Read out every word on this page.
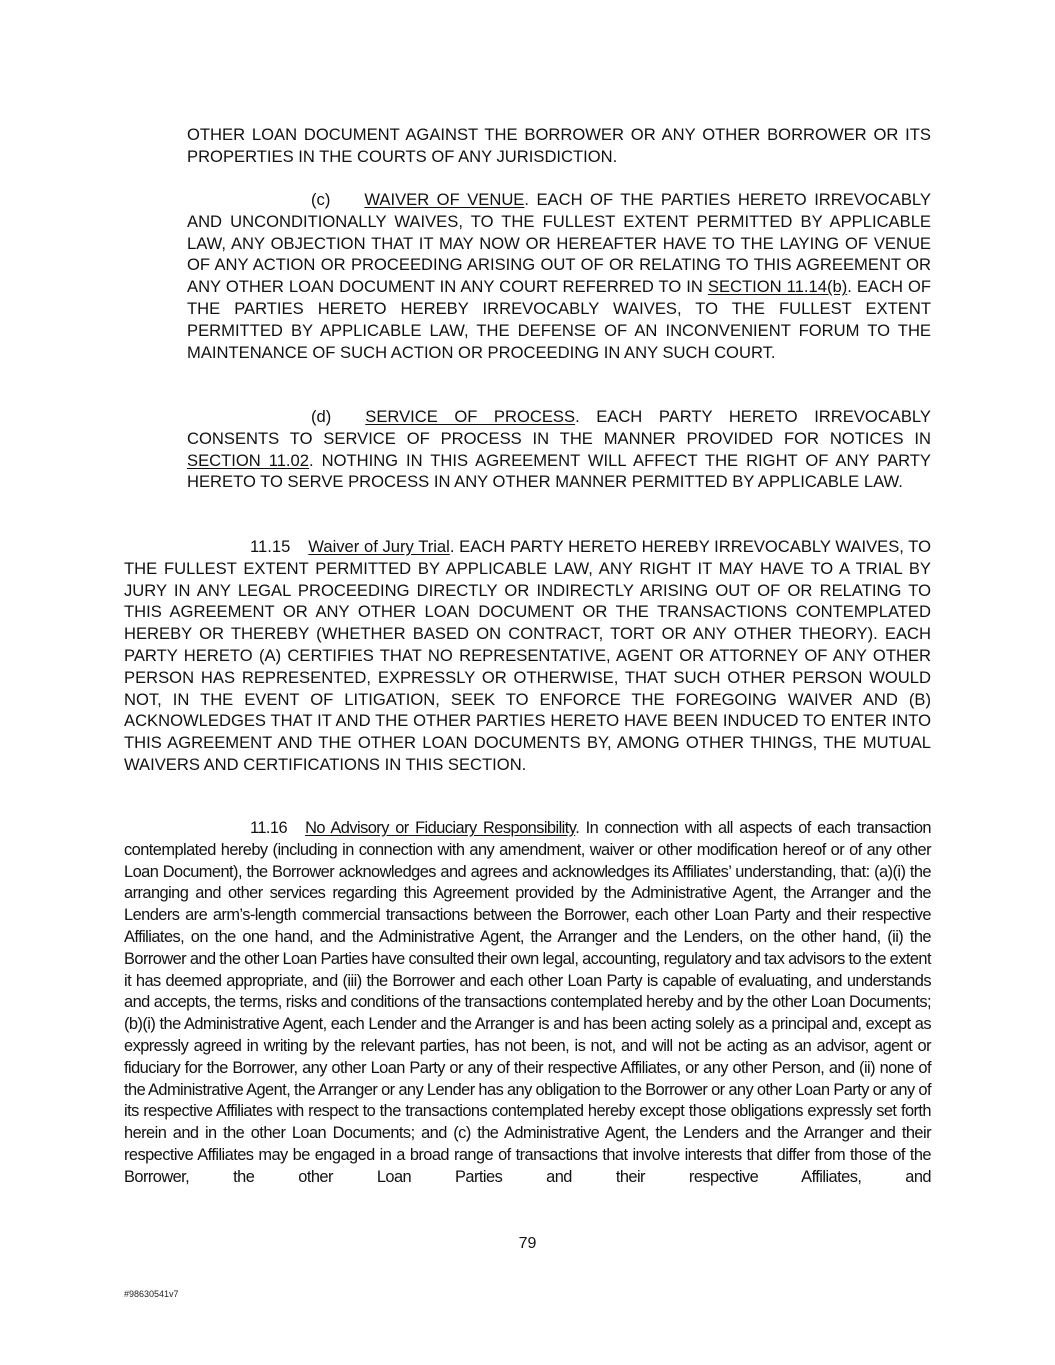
OTHER LOAN DOCUMENT AGAINST THE BORROWER OR ANY OTHER BORROWER OR ITS PROPERTIES IN THE COURTS OF ANY JURISDICTION.

(c) WAIVER OF VENUE. EACH OF THE PARTIES HERETO IRREVOCABLY AND UNCONDITIONALLY WAIVES, TO THE FULLEST EXTENT PERMITTED BY APPLICABLE LAW, ANY OBJECTION THAT IT MAY NOW OR HEREAFTER HAVE TO THE LAYING OF VENUE OF ANY ACTION OR PROCEEDING ARISING OUT OF OR RELATING TO THIS AGREEMENT OR ANY OTHER LOAN DOCUMENT IN ANY COURT REFERRED TO IN SECTION 11.14(b). EACH OF THE PARTIES HERETO HEREBY IRREVOCABLY WAIVES, TO THE FULLEST EXTENT PERMITTED BY APPLICABLE LAW, THE DEFENSE OF AN INCONVENIENT FORUM TO THE MAINTENANCE OF SUCH ACTION OR PROCEEDING IN ANY SUCH COURT.

(d) SERVICE OF PROCESS. EACH PARTY HERETO IRREVOCABLY CONSENTS TO SERVICE OF PROCESS IN THE MANNER PROVIDED FOR NOTICES IN SECTION 11.02. NOTHING IN THIS AGREEMENT WILL AFFECT THE RIGHT OF ANY PARTY HERETO TO SERVE PROCESS IN ANY OTHER MANNER PERMITTED BY APPLICABLE LAW.

11.15 Waiver of Jury Trial. EACH PARTY HERETO HEREBY IRREVOCABLY WAIVES, TO THE FULLEST EXTENT PERMITTED BY APPLICABLE LAW, ANY RIGHT IT MAY HAVE TO A TRIAL BY JURY IN ANY LEGAL PROCEEDING DIRECTLY OR INDIRECTLY ARISING OUT OF OR RELATING TO THIS AGREEMENT OR ANY OTHER LOAN DOCUMENT OR THE TRANSACTIONS CONTEMPLATED HEREBY OR THEREBY (WHETHER BASED ON CONTRACT, TORT OR ANY OTHER THEORY). EACH PARTY HERETO (A) CERTIFIES THAT NO REPRESENTATIVE, AGENT OR ATTORNEY OF ANY OTHER PERSON HAS REPRESENTED, EXPRESSLY OR OTHERWISE, THAT SUCH OTHER PERSON WOULD NOT, IN THE EVENT OF LITIGATION, SEEK TO ENFORCE THE FOREGOING WAIVER AND (B) ACKNOWLEDGES THAT IT AND THE OTHER PARTIES HERETO HAVE BEEN INDUCED TO ENTER INTO THIS AGREEMENT AND THE OTHER LOAN DOCUMENTS BY, AMONG OTHER THINGS, THE MUTUAL WAIVERS AND CERTIFICATIONS IN THIS SECTION.

11.16 No Advisory or Fiduciary Responsibility. In connection with all aspects of each transaction contemplated hereby (including in connection with any amendment, waiver or other modification hereof or of any other Loan Document), the Borrower acknowledges and agrees and acknowledges its Affiliates’ understanding, that: (a)(i) the arranging and other services regarding this Agreement provided by the Administrative Agent, the Arranger and the Lenders are arm’s-length commercial transactions between the Borrower, each other Loan Party and their respective Affiliates, on the one hand, and the Administrative Agent, the Arranger and the Lenders, on the other hand, (ii) the Borrower and the other Loan Parties have consulted their own legal, accounting, regulatory and tax advisors to the extent it has deemed appropriate, and (iii) the Borrower and each other Loan Party is capable of evaluating, and understands and accepts, the terms, risks and conditions of the transactions contemplated hereby and by the other Loan Documents; (b)(i) the Administrative Agent, each Lender and the Arranger is and has been acting solely as a principal and, except as expressly agreed in writing by the relevant parties, has not been, is not, and will not be acting as an advisor, agent or fiduciary for the Borrower, any other Loan Party or any of their respective Affiliates, or any other Person, and (ii) none of the Administrative Agent, the Arranger or any Lender has any obligation to the Borrower or any other Loan Party or any of its respective Affiliates with respect to the transactions contemplated hereby except those obligations expressly set forth herein and in the other Loan Documents; and (c) the Administrative Agent, the Lenders and the Arranger and their respective Affiliates may be engaged in a broad range of transactions that involve interests that differ from those of the Borrower, the other Loan Parties and their respective Affiliates, and

79
#98630541v7
